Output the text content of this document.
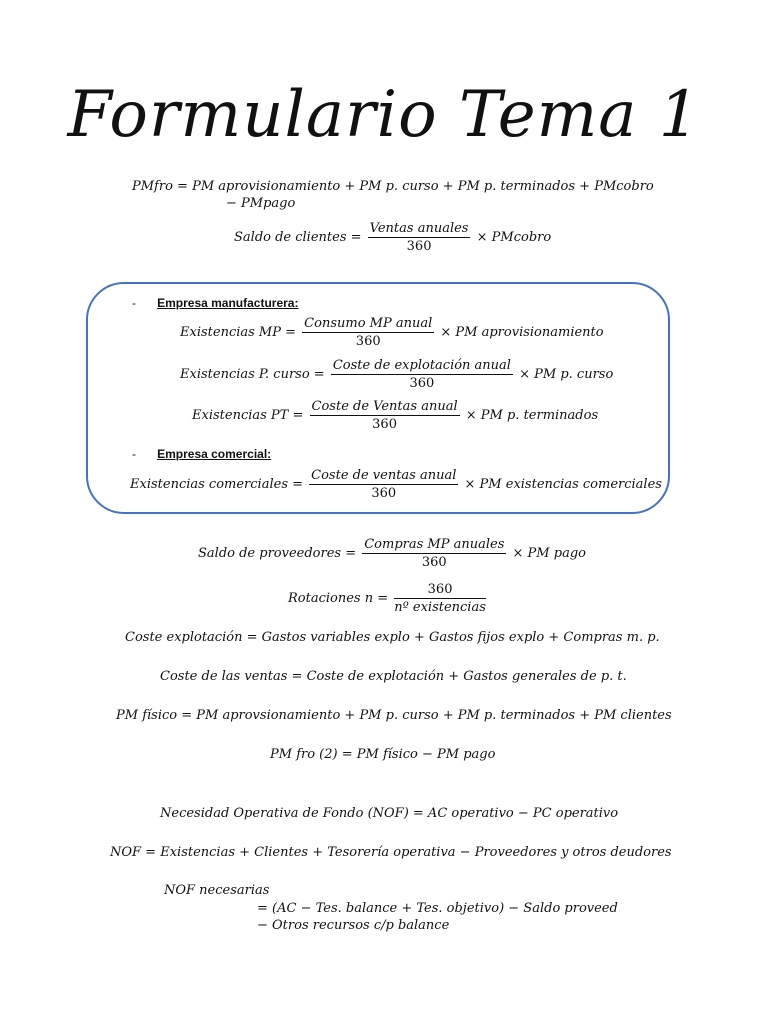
Formulario Tema 1
PMfro = PM aprovisionamiento + PM p. curso + PM p. terminados + PMcobro
− PMpago
Saldo de clientes = $\frac{\text{Ventas anuales}}{360}$ × PMcobro
- Empresa manufacturera:
Existencias MP = $\frac{\text{Consumo MP anual}}{360}$ × PM aprovisionamiento
Existencias P. curso = $\frac{\text{Coste de explotación anual}}{360}$ × PM p. curso
Existencias PT = $\frac{\text{Coste de Ventas anual}}{360}$ × PM p. terminados
- Empresa comercial:
Existencias comerciales = $\frac{\text{Coste de ventas anual}}{360}$ × PM existencias comerciales
Saldo de proveedores = $\frac{\text{Compras MP anuales}}{360}$ × PM pago
Rotaciones $n = \frac{360}{\text{nº existencias}}$
Coste explotación = Gastos variables explo + Gastos fijos explo + Compras m. p.
Coste de las ventas = Coste de explotación + Gastos generales de p. t.
PM físico = PM aprovsionamiento + PM p. curso + PM p. terminados + PM clientes
PM fro (2) = PM físico − PM pago
Necesidad Operativa de Fondo (NOF) = AC operativo − PC operativo
NOF = Existencias + Clientes + Tesorería operativa − Proveedores y otros deudores
NOF necesarias
= (AC − Tes. balance + Tes. objetivo) − Saldo proveed
− Otros recursos c/p balance
